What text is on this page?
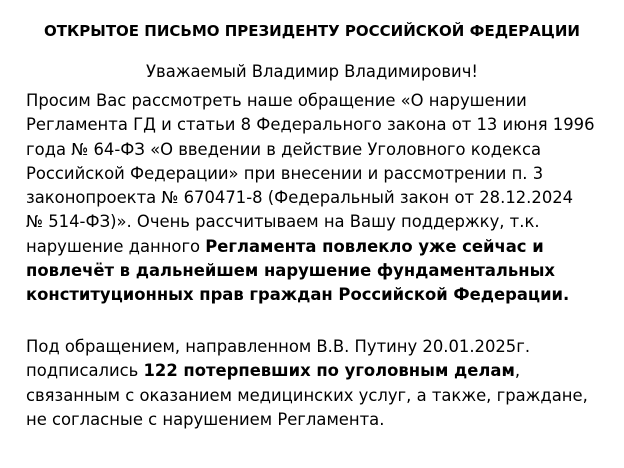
ОТКРЫТОЕ ПИСЬМО ПРЕЗИДЕНТУ РОССИЙСКОЙ ФЕДЕРАЦИИ
Уважаемый Владимир Владимирович!
Просим Вас рассмотреть наше обращение «О нарушении
Регламента ГД и статьи 8 Федерального закона от 13 июня 1996
года № 64-ФЗ «О введении в действие Уголовного кодекса
Российской Федерации» при внесении и рассмотрении п. 3
законопроекта № 670471-8 (Федеральный закон от 28.12.2024
№ 514-ФЗ)». Очень рассчитываем на Вашу поддержку, т.к.
нарушение данного Регламента повлекло уже сейчас и
повлечёт в дальнейшем нарушение фундаментальных
конституционных прав граждан Российской Федерации.
Под обращением, направленном В.В. Путину 20.01.2025г.
подписались 122 потерпевших по уголовным делам,
связанным с оказанием медицинских услуг, а также, граждане,
не согласные с нарушением Регламента.
